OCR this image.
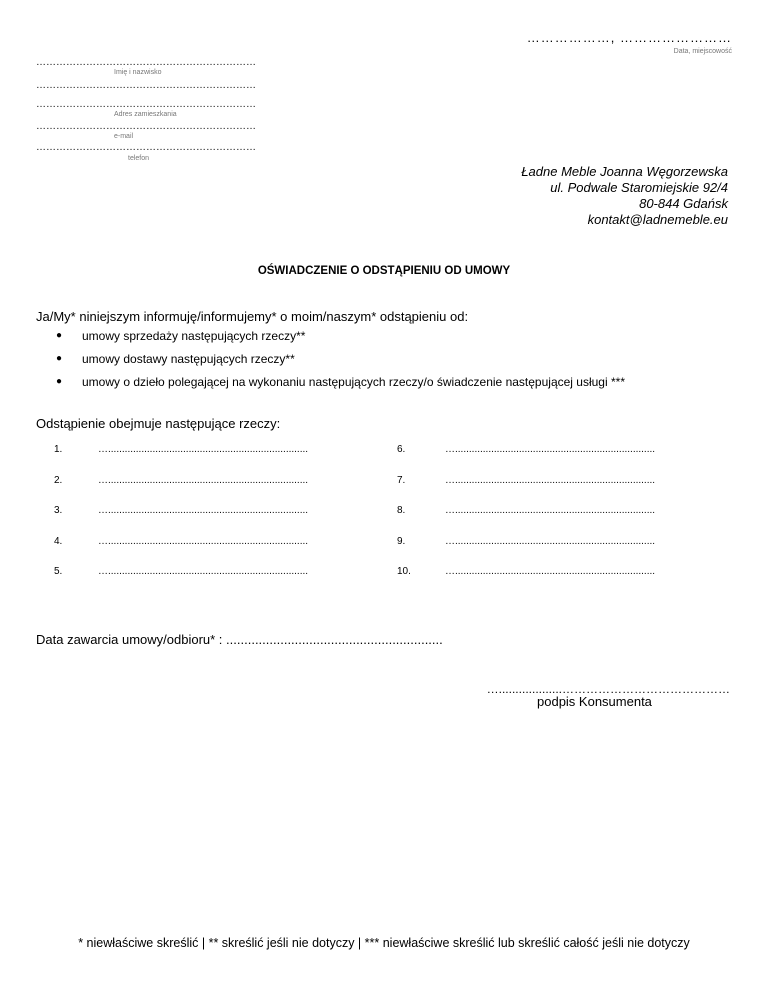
………………, ……………………
Data, miejscowość
…………………………………………………………
Imię i nazwisko
…………………………………………………………
…………………………………………………………
Adres zamieszkania
…………………………………………………………
e-mail
…………………………………………………………
telefon
Ładne Meble Joanna Węgorzewska
ul. Podwale Staromiejskie 92/4
80-844 Gdańsk
kontakt@ladnemeble.eu
OŚWIADCZENIE O ODSTĄPIENIU OD UMOWY
Ja/My* niniejszym informuję/informujemy* o moim/naszym* odstąpieniu od:
● umowy sprzedaży następujących rzeczy**
● umowy dostawy następujących rzeczy**
● umowy o dzieło polegającej na wykonaniu następujących rzeczy/o świadczenie następującej usługi ***
Odstąpienie obejmuje następujące rzeczy:
1.	…........................................................................	6.	…........................................................................
2.	…........................................................................	7.	…........................................................................
3.	…........................................................................	8.	…........................................................................
4.	…........................................................................	9.	…........................................................................
5.	…........................................................................	10.	…........................................................................
Data zawarcia umowy/odbioru* : ............................................................
…...................……………………………………
podpis Konsumenta
* niewłaściwe skreślić | ** skreślić jeśli nie dotyczy | *** niewłaściwe skreślić lub skreślić całość jeśli nie dotyczy
